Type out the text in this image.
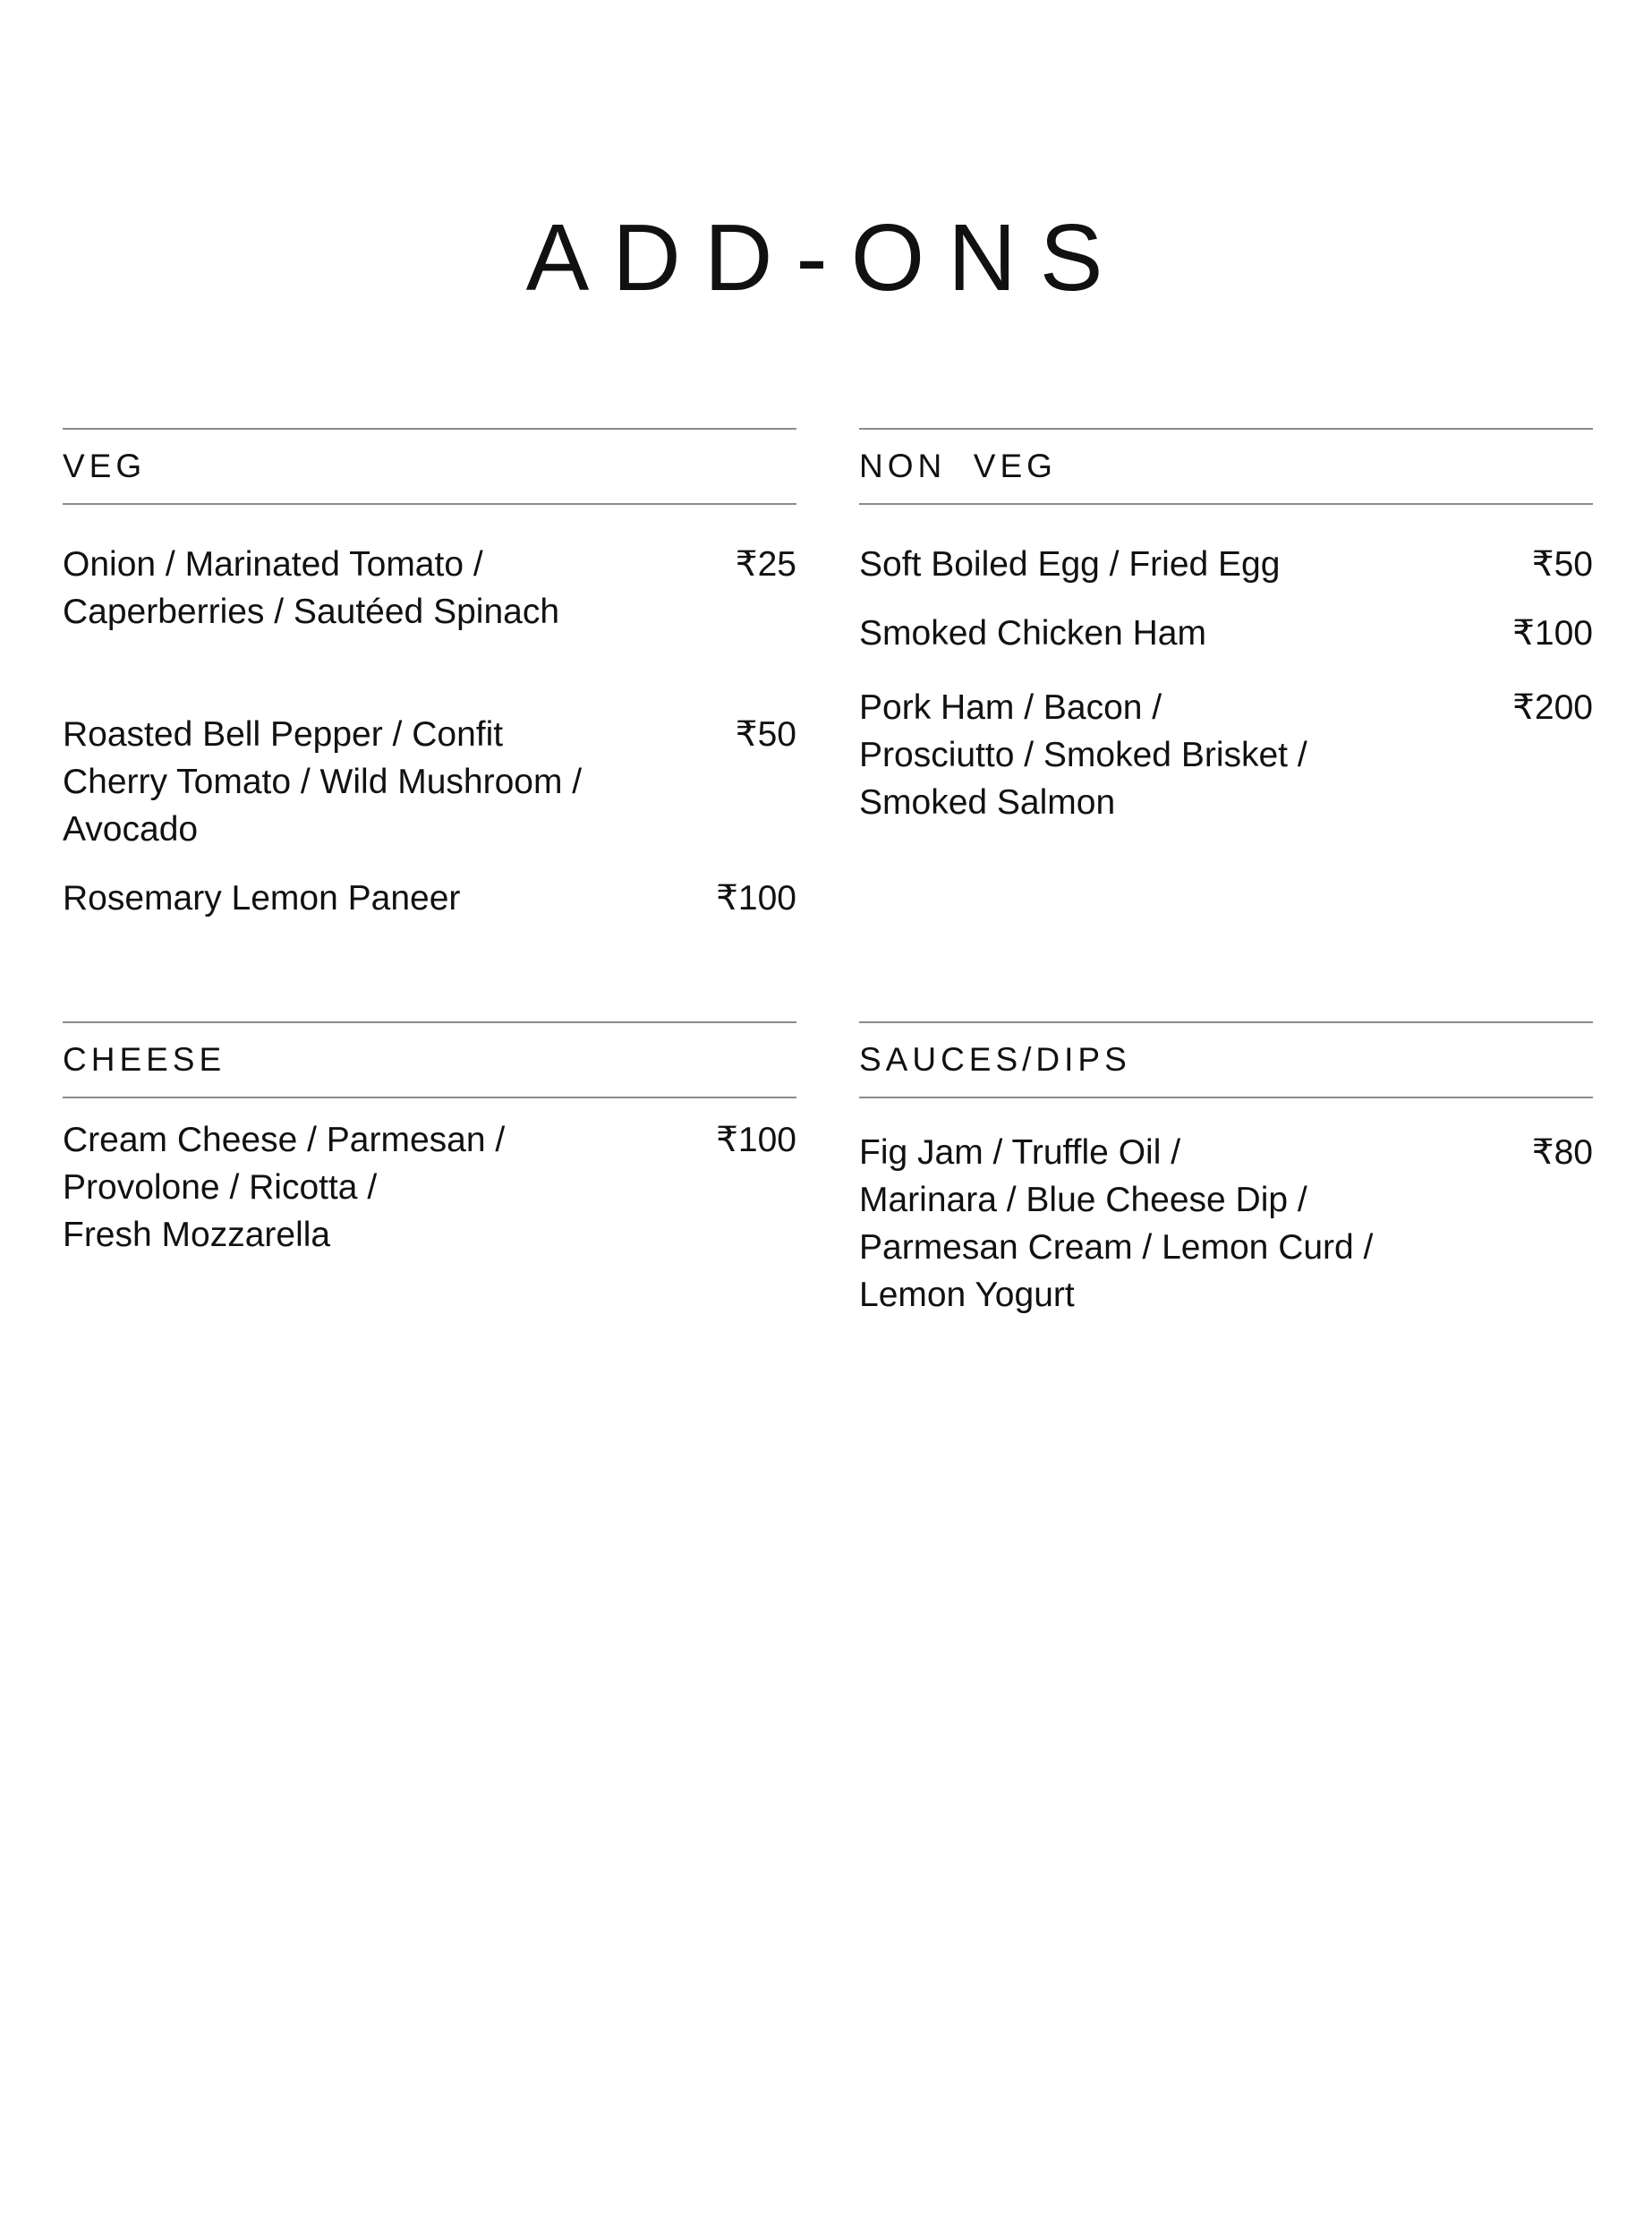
ADD-ONS
VEG
Onion / Marinated Tomato /
Caperberries / Sautéed Spinach
₹25
Roasted Bell Pepper / Confit
Cherry Tomato / Wild Mushroom /
Avocado
₹50
Rosemary Lemon Paneer	₹100
NON  VEG
Soft Boiled Egg / Fried Egg	₹50
Smoked Chicken Ham	₹100
Pork Ham / Bacon /
Prosciutto / Smoked Brisket /
Smoked Salmon
₹200
CHEESE
Cream Cheese / Parmesan /
Provolone / Ricotta /
Fresh Mozzarella
₹100
SAUCES/DIPS
Fig Jam / Truffle Oil /
Marinara / Blue Cheese Dip /
Parmesan Cream / Lemon Curd /
Lemon Yogurt
₹80
